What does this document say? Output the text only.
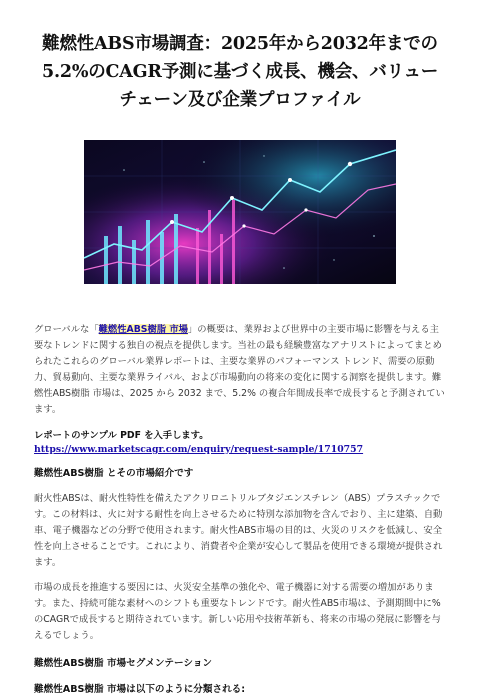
難燃性ABS市場調査：2025年から2032年までの5.2%のCAGR予測に基づく成長、機会、バリューチェーン及び企業プロファイル

グローバルな「難燃性ABS樹脂 市場」の概要は、業界および世界中の主要市場に影響を与える主要なトレンドに関する独自の視点を提供します。当社の最も経験豊富なアナリストによってまとめられたこれらのグローバル業界レポートは、主要な業界のパフォーマンス トレンド、需要の原動力、貿易動向、主要な業界ライバル、および市場動向の将来の変化に関する洞察を提供します。難燃性ABS樹脂 市場は、2025 から 2032 まで、5.2% の複合年間成長率で成長すると予測されています。

レポートのサンプル PDF を入手します。 https://www.marketscagr.com/enquiry/request-sample/1710757

難燃性ABS樹脂 とその市場紹介です

耐火性ABSは、耐火性特性を備えたアクリロニトリルブタジエンスチレン（ABS）プラスチックです。この材料は、火に対する耐性を向上させるために特別な添加物を含んでおり、主に建築、自動車、電子機器などの分野で使用されます。耐火性ABS市場の目的は、火災のリスクを低減し、安全性を向上させることです。これにより、消費者や企業が安心して製品を使用できる環境が提供されます。

市場の成長を推進する要因には、火災安全基準の強化や、電子機器に対する需要の増加があります。また、持続可能な素材へのシフトも重要なトレンドです。耐火性ABS市場は、予測期間中に%のCAGRで成長すると期待されています。新しい応用や技術革新も、将来の市場の発展に影響を与えるでしょう。

難燃性ABS樹脂 市場セグメンテーション
難燃性ABS樹脂 市場は以下のように分類される:
